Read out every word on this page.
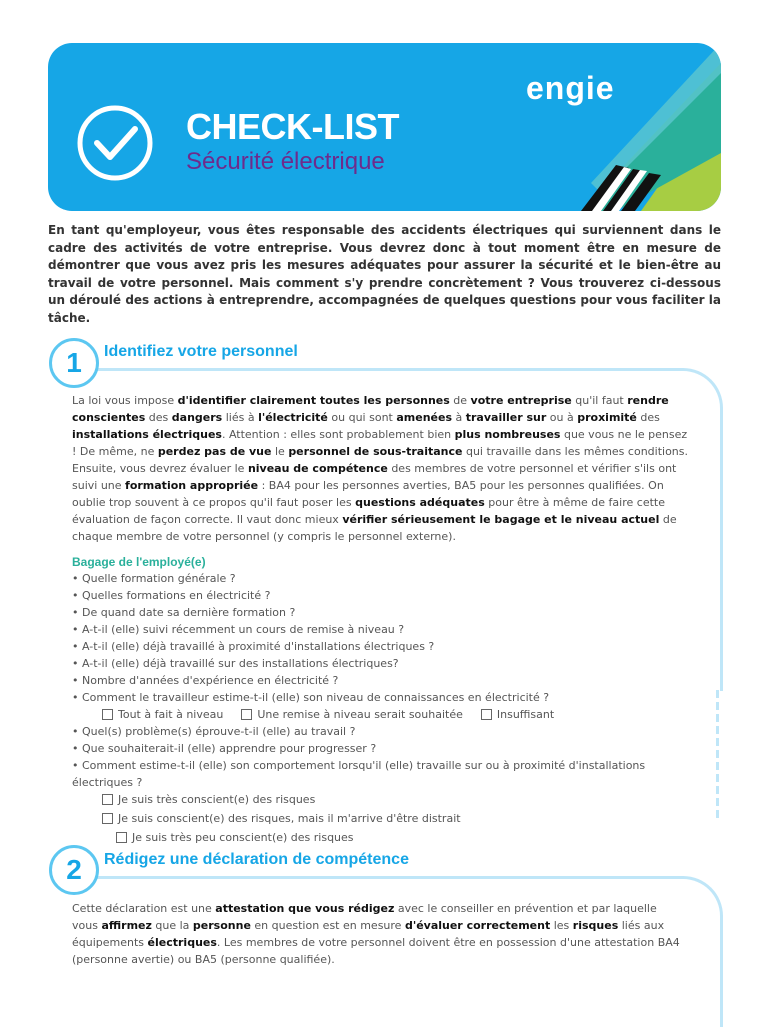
CHECK-LIST
Sécurité électrique
engie
En tant qu'employeur, vous êtes responsable des accidents électriques qui surviennent dans le cadre des activités de votre entreprise. Vous devrez donc à tout moment être en mesure de démontrer que vous avez pris les mesures adéquates pour assurer la sécurité et le bien-être au travail de votre personnel. Mais comment s'y prendre concrètement ? Vous trouverez ci-dessous un déroulé des actions à entreprendre, accompagnées de quelques questions pour vous faciliter la tâche.
1	Identifiez votre personnel
La loi vous impose d'identifier clairement toutes les personnes de votre entreprise qu'il faut rendre conscientes des dangers liés à l'électricité ou qui sont amenées à travailler sur ou à proximité des installations électriques. Attention : elles sont probablement bien plus nombreuses que vous ne le pensez ! De même, ne perdez pas de vue le personnel de sous-traitance qui travaille dans les mêmes conditions. Ensuite, vous devrez évaluer le niveau de compétence des membres de votre personnel et vérifier s'ils ont suivi une formation appropriée : BA4 pour les personnes averties, BA5 pour les personnes qualifiées. On oublie trop souvent à ce propos qu'il faut poser les questions adéquates pour être à même de faire cette évaluation de façon correcte. Il vaut donc mieux vérifier sérieusement le bagage et le niveau actuel de chaque membre de votre personnel (y compris le personnel externe).
Bagage de l'employé(e)
• Quelle formation générale ?
• Quelles formations en électricité ?
• De quand date sa dernière formation ?
• A-t-il (elle) suivi récemment un cours de remise à niveau ?
• A-t-il (elle) déjà travaillé à proximité d'installations électriques ?
• A-t-il (elle) déjà travaillé sur des installations électriques?
• Nombre d'années d'expérience en électricité ?
• Comment le travailleur estime-t-il (elle) son niveau de connaissances en électricité ?
Tout à fait à niveau	Une remise à niveau serait souhaitée	Insuffisant
• Quel(s) problème(s) éprouve-t-il (elle) au travail ?
• Que souhaiterait-il (elle) apprendre pour progresser ?
• Comment estime-t-il (elle) son comportement lorsqu'il (elle) travaille sur ou à proximité d'installations électriques ?
Je suis très conscient(e) des risques

Je suis conscient(e) des risques, mais il m'arrive d'être distrait

Je suis très peu conscient(e) des risques
2	Rédigez une déclaration de compétence
Cette déclaration est une attestation que vous rédigez avec le conseiller en prévention et par laquelle vous affirmez que la personne en question est en mesure d'évaluer correctement les risques liés aux équipements électriques. Les membres de votre personnel doivent être en possession d'une attestation BA4 (personne avertie) ou BA5 (personne qualifiée).
